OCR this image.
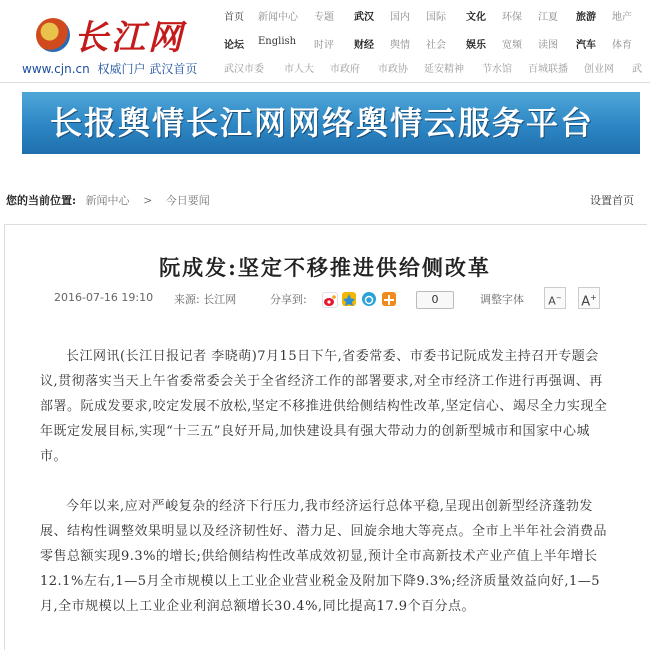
长江网
www.cjn.cn 权威门户 武汉首页
首页 新闻中心 专题 武汉 国内 国际 文化 环保 江夏 旅游 地产
论坛 English 时评 财经 舆情 社会 娱乐 宽频 读图 汽车 体育
武汉市委 市人大 市政府 市政协 延安精神 节水馆 百城联播 创业网 武
长报舆情长江网网络舆情云服务平台
您的当前位置: 新闻中心 > 今日要闻	设置首页
阮成发:坚定不移推进供给侧改革
2016-07-16 19:10 来源: 长江网	分享到:	0	调整字体	A−	A+
长江网讯(长江日报记者 李晓萌)7月15日下午,省委常委、市委书记阮成发主持召开专题会议,贯彻落实当天上午省委常委会关于全省经济工作的部署要求,对全市经济工作进行再强调、再部署。阮成发要求,咬定发展不放松,坚定不移推进供给侧结构性改革,坚定信心、竭尽全力实现全年既定发展目标,实现“十三五”良好开局,加快建设具有强大带动力的创新型城市和国家中心城市。
今年以来,应对严峻复杂的经济下行压力,我市经济运行总体平稳,呈现出创新型经济蓬勃发展、结构性调整效果明显以及经济韧性好、潜力足、回旋余地大等亮点。全市上半年社会消费品零售总额实现9.3%的增长;供给侧结构性改革成效初显,预计全市高新技术产业产值上半年增长12.1%左右,1—5月全市规模以上工业企业营业税金及附加下降9.3%;经济质量效益向好,1—5月,全市规模以上工业企业利润总额增长30.4%,同比提高17.9个百分点。
